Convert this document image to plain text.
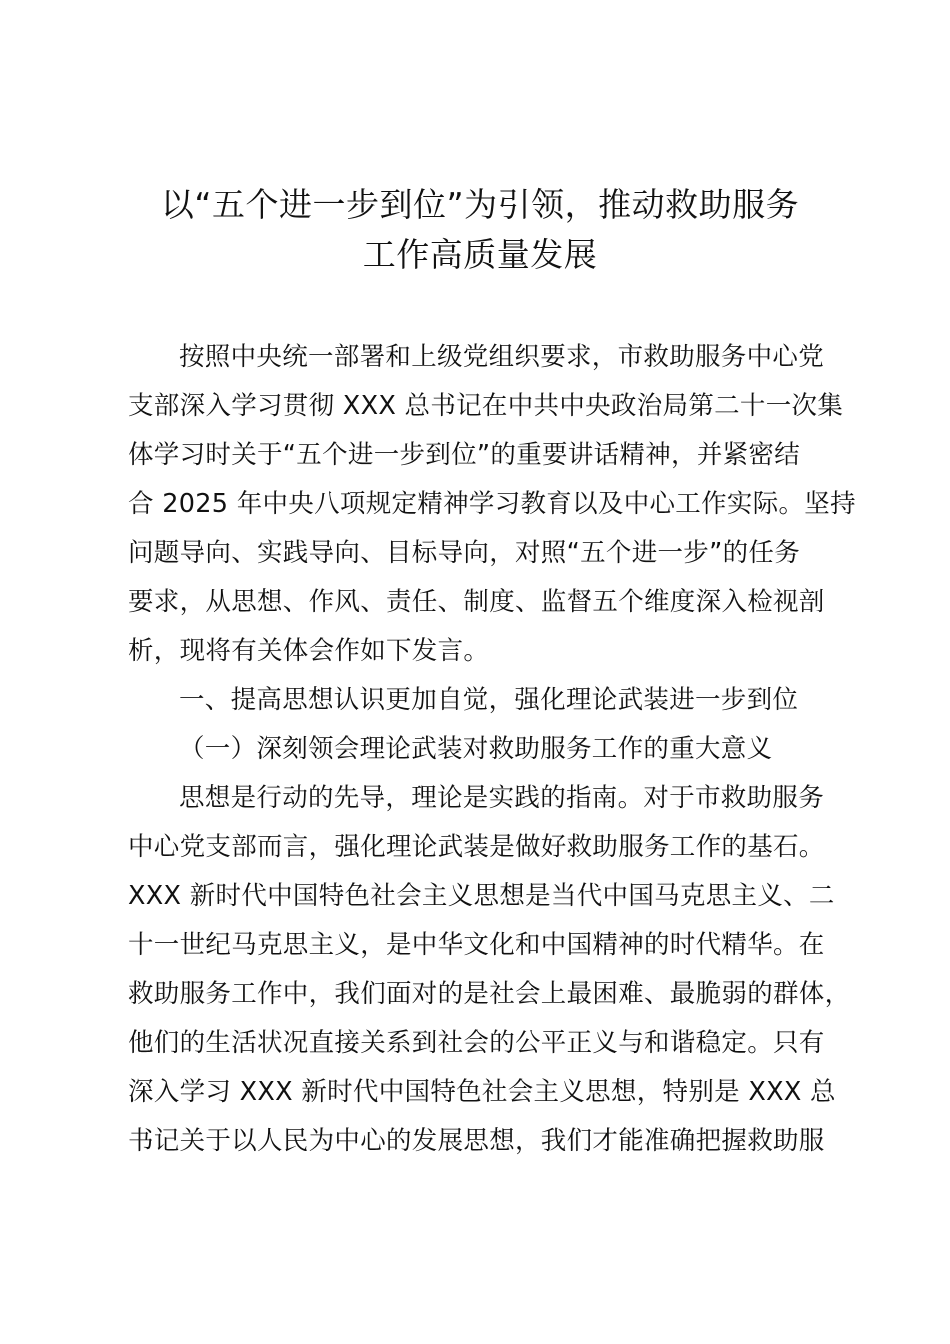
以“五个进一步到位”为引领，推动救助服务
工作高质量发展
按照中央统一部署和上级党组织要求，市救助服务中心党
支部深入学习贯彻 XXX 总书记在中共中央政治局第二十一次集
体学习时关于“五个进一步到位”的重要讲话精神，并紧密结
合 2025 年中央八项规定精神学习教育以及中心工作实际。坚持
问题导向、实践导向、目标导向，对照“五个进一步”的任务
要求，从思想、作风、责任、制度、监督五个维度深入检视剖
析，现将有关体会作如下发言。
一、提高思想认识更加自觉，强化理论武装进一步到位
（一）深刻领会理论武装对救助服务工作的重大意义
思想是行动的先导，理论是实践的指南。对于市救助服务
中心党支部而言，强化理论武装是做好救助服务工作的基石。
XXX 新时代中国特色社会主义思想是当代中国马克思主义、二
十一世纪马克思主义，是中华文化和中国精神的时代精华。在
救助服务工作中，我们面对的是社会上最困难、最脆弱的群体，
他们的生活状况直接关系到社会的公平正义与和谐稳定。只有
深入学习 XXX 新时代中国特色社会主义思想，特别是 XXX 总
书记关于以人民为中心的发展思想，我们才能准确把握救助服
